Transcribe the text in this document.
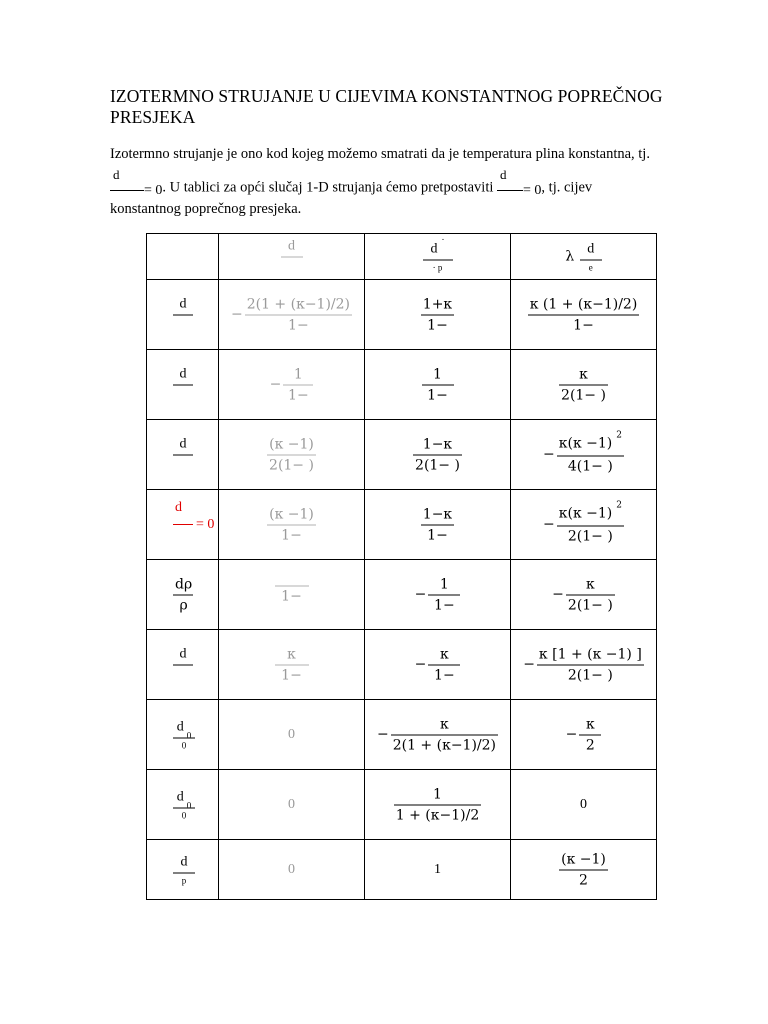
IZOTERMNO STRUJANJE U CIJEVIMA KONSTANTNOG POPREČNOG PRESJEKA
Izotermno strujanje je ono kod kojeg možemo smatrati da je temperatura plina konstantna, tj.
$\frac{d}{= 0}$. U tablici za opći slučaj 1-D strujanja ćemo pretpostaviti $\frac{d}{= 0}$, tj. cijev
konstantnog poprečnog presjeka.

	d	$\frac{d^\cdot}{\cdot p}$	λ $\frac{d}{e}$

d	− $\frac{2(1 + (\kappa-1)/2)}{1-}$	$\frac{1+\kappa}{1-}$	$\frac{\kappa (1 + (\kappa-1)/2)}{1-}$

d	− $\frac{1}{1-}$	$\frac{1}{1-}$	$\frac{\kappa}{2(1- )}$

d	$\frac{(\kappa -1)}{2(1- )}$	$\frac{1-\kappa}{2(1- )}$	− $\frac{\kappa(\kappa -1) ^2}{4(1- )}$

$\frac{d}{= 0}$	$\frac{(\kappa -1)}{1-}$	$\frac{1-\kappa}{1-}$	− $\frac{\kappa(\kappa -1) ^2}{2(1- )}$

$\frac{d\rho}{\rho}$	1−	− $\frac{1}{1-}$	− $\frac{\kappa}{2(1- )}$

d	$\frac{\kappa}{1-}$	− $\frac{\kappa}{1-}$	− $\frac{\kappa [1 + (\kappa -1) ]}{2(1- )}$

$\frac{d_0}{0}$	0	− $\frac{\kappa}{2(1 + (\kappa-1)/2)}$	− $\frac{\kappa}{2}$

$\frac{d_0}{0}$	0	$\frac{1}{1 + (\kappa-1)/2}$	0

$\frac{d}{p}$	0	1	$\frac{(\kappa -1)}{2}$
